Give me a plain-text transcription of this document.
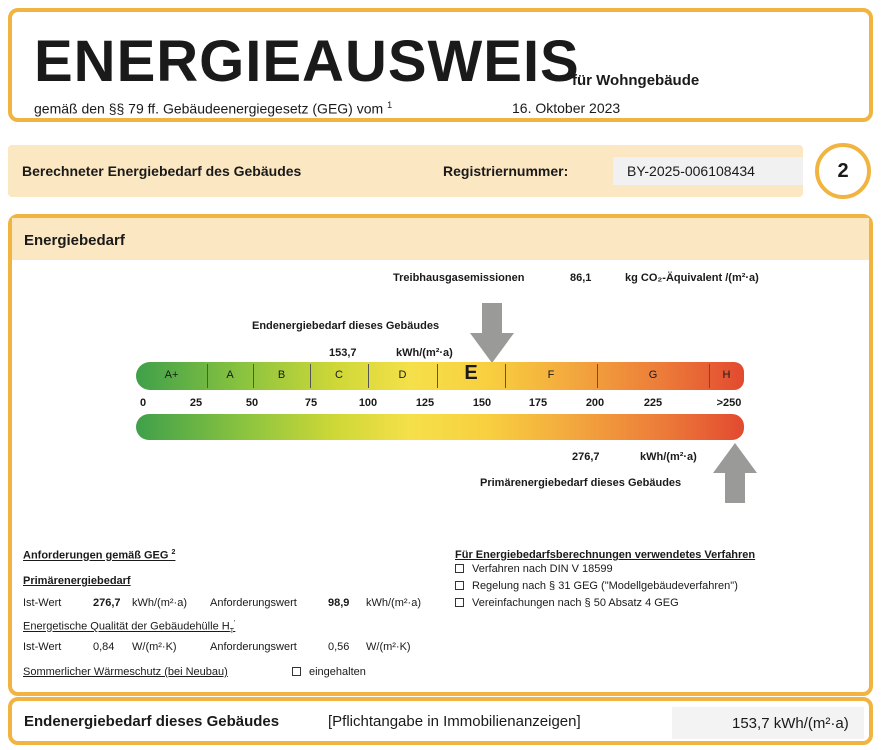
ENERGIEAUSWEIS
für Wohngebäude
gemäß den §§ 79 ff. Gebäudeenergiegesetz (GEG) vom $^1$	16. Oktober 2023
Berechneter Energiebedarf des Gebäudes	Registriernummer:	BY-2025-006108434	2
Energiebedarf
Treibhausgasemissionen	86,1	kg CO₂-Äquivalent /(m²·a)
Endenergiebedarf dieses Gebäudes
153,7	kWh/(m²·a)
A+	A	B	C	D	E	F	G	H
0	25	50	75	100	125	150	175	200	225	>250
276,7	kWh/(m²·a)
Primärenergiebedarf dieses Gebäudes
Anforderungen gemäß GEG $^2$
Primärenergiebedarf
Ist-Wert	276,7 kWh/(m²·a) Anforderungswert	98,9 kWh/(m²·a)
Energetische Qualität der Gebäudehülle $H_T'$
Ist-Wert	0,84 W/(m²·K)	Anforderungswert	0,56 W/(m²·K)
Sommerlicher Wärmeschutz (bei Neubau)	eingehalten
Für Energiebedarfsberechnungen verwendetes Verfahren
Verfahren nach DIN V 18599
Regelung nach § 31 GEG ("Modellgebäudeverfahren")
Vereinfachungen nach § 50 Absatz 4 GEG
Endenergiebedarf dieses Gebäudes	[Pflichtangabe in Immobilienanzeigen]	153,7 kWh/(m²·a)
